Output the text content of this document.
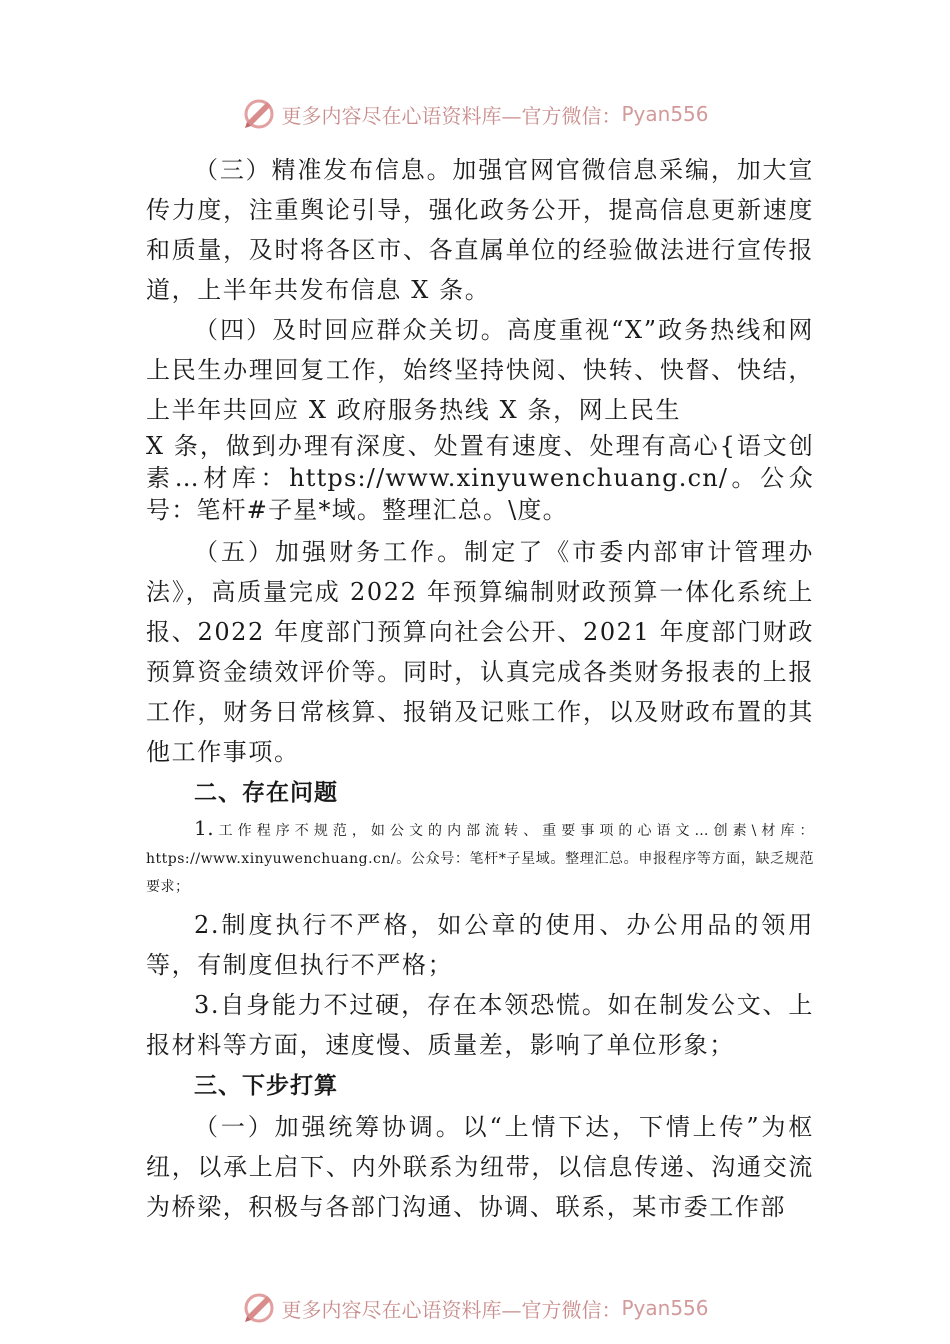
更多内容尽在心语资料库—官方微信： Pyan556

（三）精准发布信息。加强官网官微信息采编，加大宣传力度，注重舆论引导，强化政务公开，提高信息更新速度和质量，及时将各区市、各直属单位的经验做法进行宣传报道，上半年共发布信息 X 条。

（四）及时回应群众关切。高度重视“X”政务热线和网上民生办理回复工作，始终坚持快阅、快转、快督、快结，上半年共回应 X 政府服务热线 X 条，网上民生

X 条，做到办理有深度、处置有速度、处理有高心{语文创素…材库：https://www.xinyuwenchuang.cn/。公众号：笔杆#子星*域。整理汇总。\度。

（五）加强财务工作。制定了《市委内部审计管理办法》，高质量完成 2022 年预算编制财政预算一体化系统上报、2022 年度部门预算向社会公开、2021 年度部门财政预算资金绩效评价等。同时，认真完成各类财务报表的上报工作，财务日常核算、报销及记账工作，以及财政布置的其他工作事项。

二、存在问题

1.工作程序不规范，如公文的内部流转、重要事项的心语文…创素\材库：https://www.xinyuwenchuang.cn/。公众号：笔杆*子星域。整理汇总。申报程序等方面，缺乏规范要求；

2.制度执行不严格，如公章的使用、办公用品的领用等，有制度但执行不严格；

3.自身能力不过硬，存在本领恐慌。如在制发公文、上报材料等方面，速度慢、质量差，影响了单位形象；

三、下步打算

（一）加强统筹协调。以“上情下达，下情上传”为枢纽，以承上启下、内外联系为纽带，以信息传递、沟通交流为桥梁，积极与各部门沟通、协调、联系，某市委工作部

更多内容尽在心语资料库—官方微信： Pyan556
